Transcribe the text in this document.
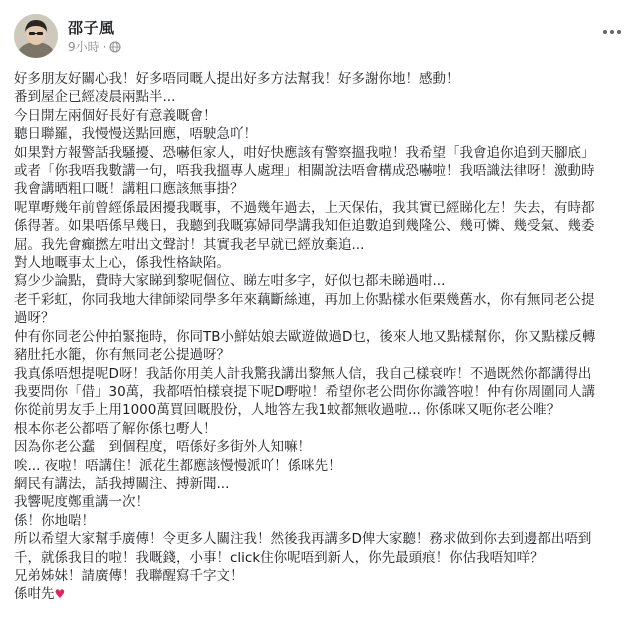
邵子風
9小時 ·
好多朋友好關心我！好多唔同嘅人提出好多方法幫我！好多謝你地！感動！
番到屋企已經凌晨兩點半...
今日開左兩個好長好有意義嘅會！
聽日聯羅，我慢慢送點回應，唔駛急吖！
如果對方報警話我騷擾、恐嚇佢家人，咁好快應該有警察搵我啦！我希望「我會追你追到天腳底」
或者「你我唔我數講一句，唔我我搵專人處理」相關說法唔會構成恐嚇啦！我唔識法律呀！激動時
我會講晒粗口嘅！講粗口應該無事掛？
呢單嘢幾年前曾經係最困擾我嘅事，不過幾年過去，上天保佑，我其實已經睇化左！失去，有時都
係得著。如果唔係早幾日，我聽到我嘅寡婦同學講我知佢追數追到幾隆公、幾可憐、幾受氣、幾委
屈。我先會癲撚左咁出文聲討！其實我老早就已經放棄追...
對人地嘅事太上心，係我性格缺陷。
寫少少論點，費時大家睇到黎呢個位、睇左咁多字，好似乜都未睇過咁...
老千彩虹，你同我地大律師梁同學多年來藕斷絲連，再加上你點樣水佢栗幾舊水，你有無同老公提
過呀？
仲有你同老公仲拍緊拖時，你同TB小鮮姑娘去歐遊做過D乜，後來人地又點樣幫你，你又點樣反轉
豬肚托水籠，你有無同老公提過呀？
我真係唔想提呢D呀！我話你用美人計我驚我講出黎無人信，我自己樣衰咋！不過既然你都講得出
我要問你「借」30萬，我都唔怕樣衰提下呢D嘢啦！希望你老公問你你識答啦！仲有你周圍同人講
你從前男友手上用1000萬買回嘅股份，人地答左我1蚊都無收過啦... 你係咪又呃你老公唯？
根本你老公都唔了解你係乜嘢人！
因為你老公蠢　到個程度，唔係好多街外人知嘛！
唉... 夜啦！唔講住！派花生都應該慢慢派吖！係咪先！
網民有講法，話我搏關注、搏新聞...
我響呢度鄭重講一次！
係！你地啱！
所以希望大家幫手廣傳！令更多人關注我！然後我再講多D俾大家聽！務求做到你去到邊都出唔到
千，就係我目的啦！我嘅錢，小事！click住你呢唔到新人，你先最頭痕！你估我唔知咩？
兄弟姊妹！請廣傳！我聯醒寫千字文！
係咁先♥
